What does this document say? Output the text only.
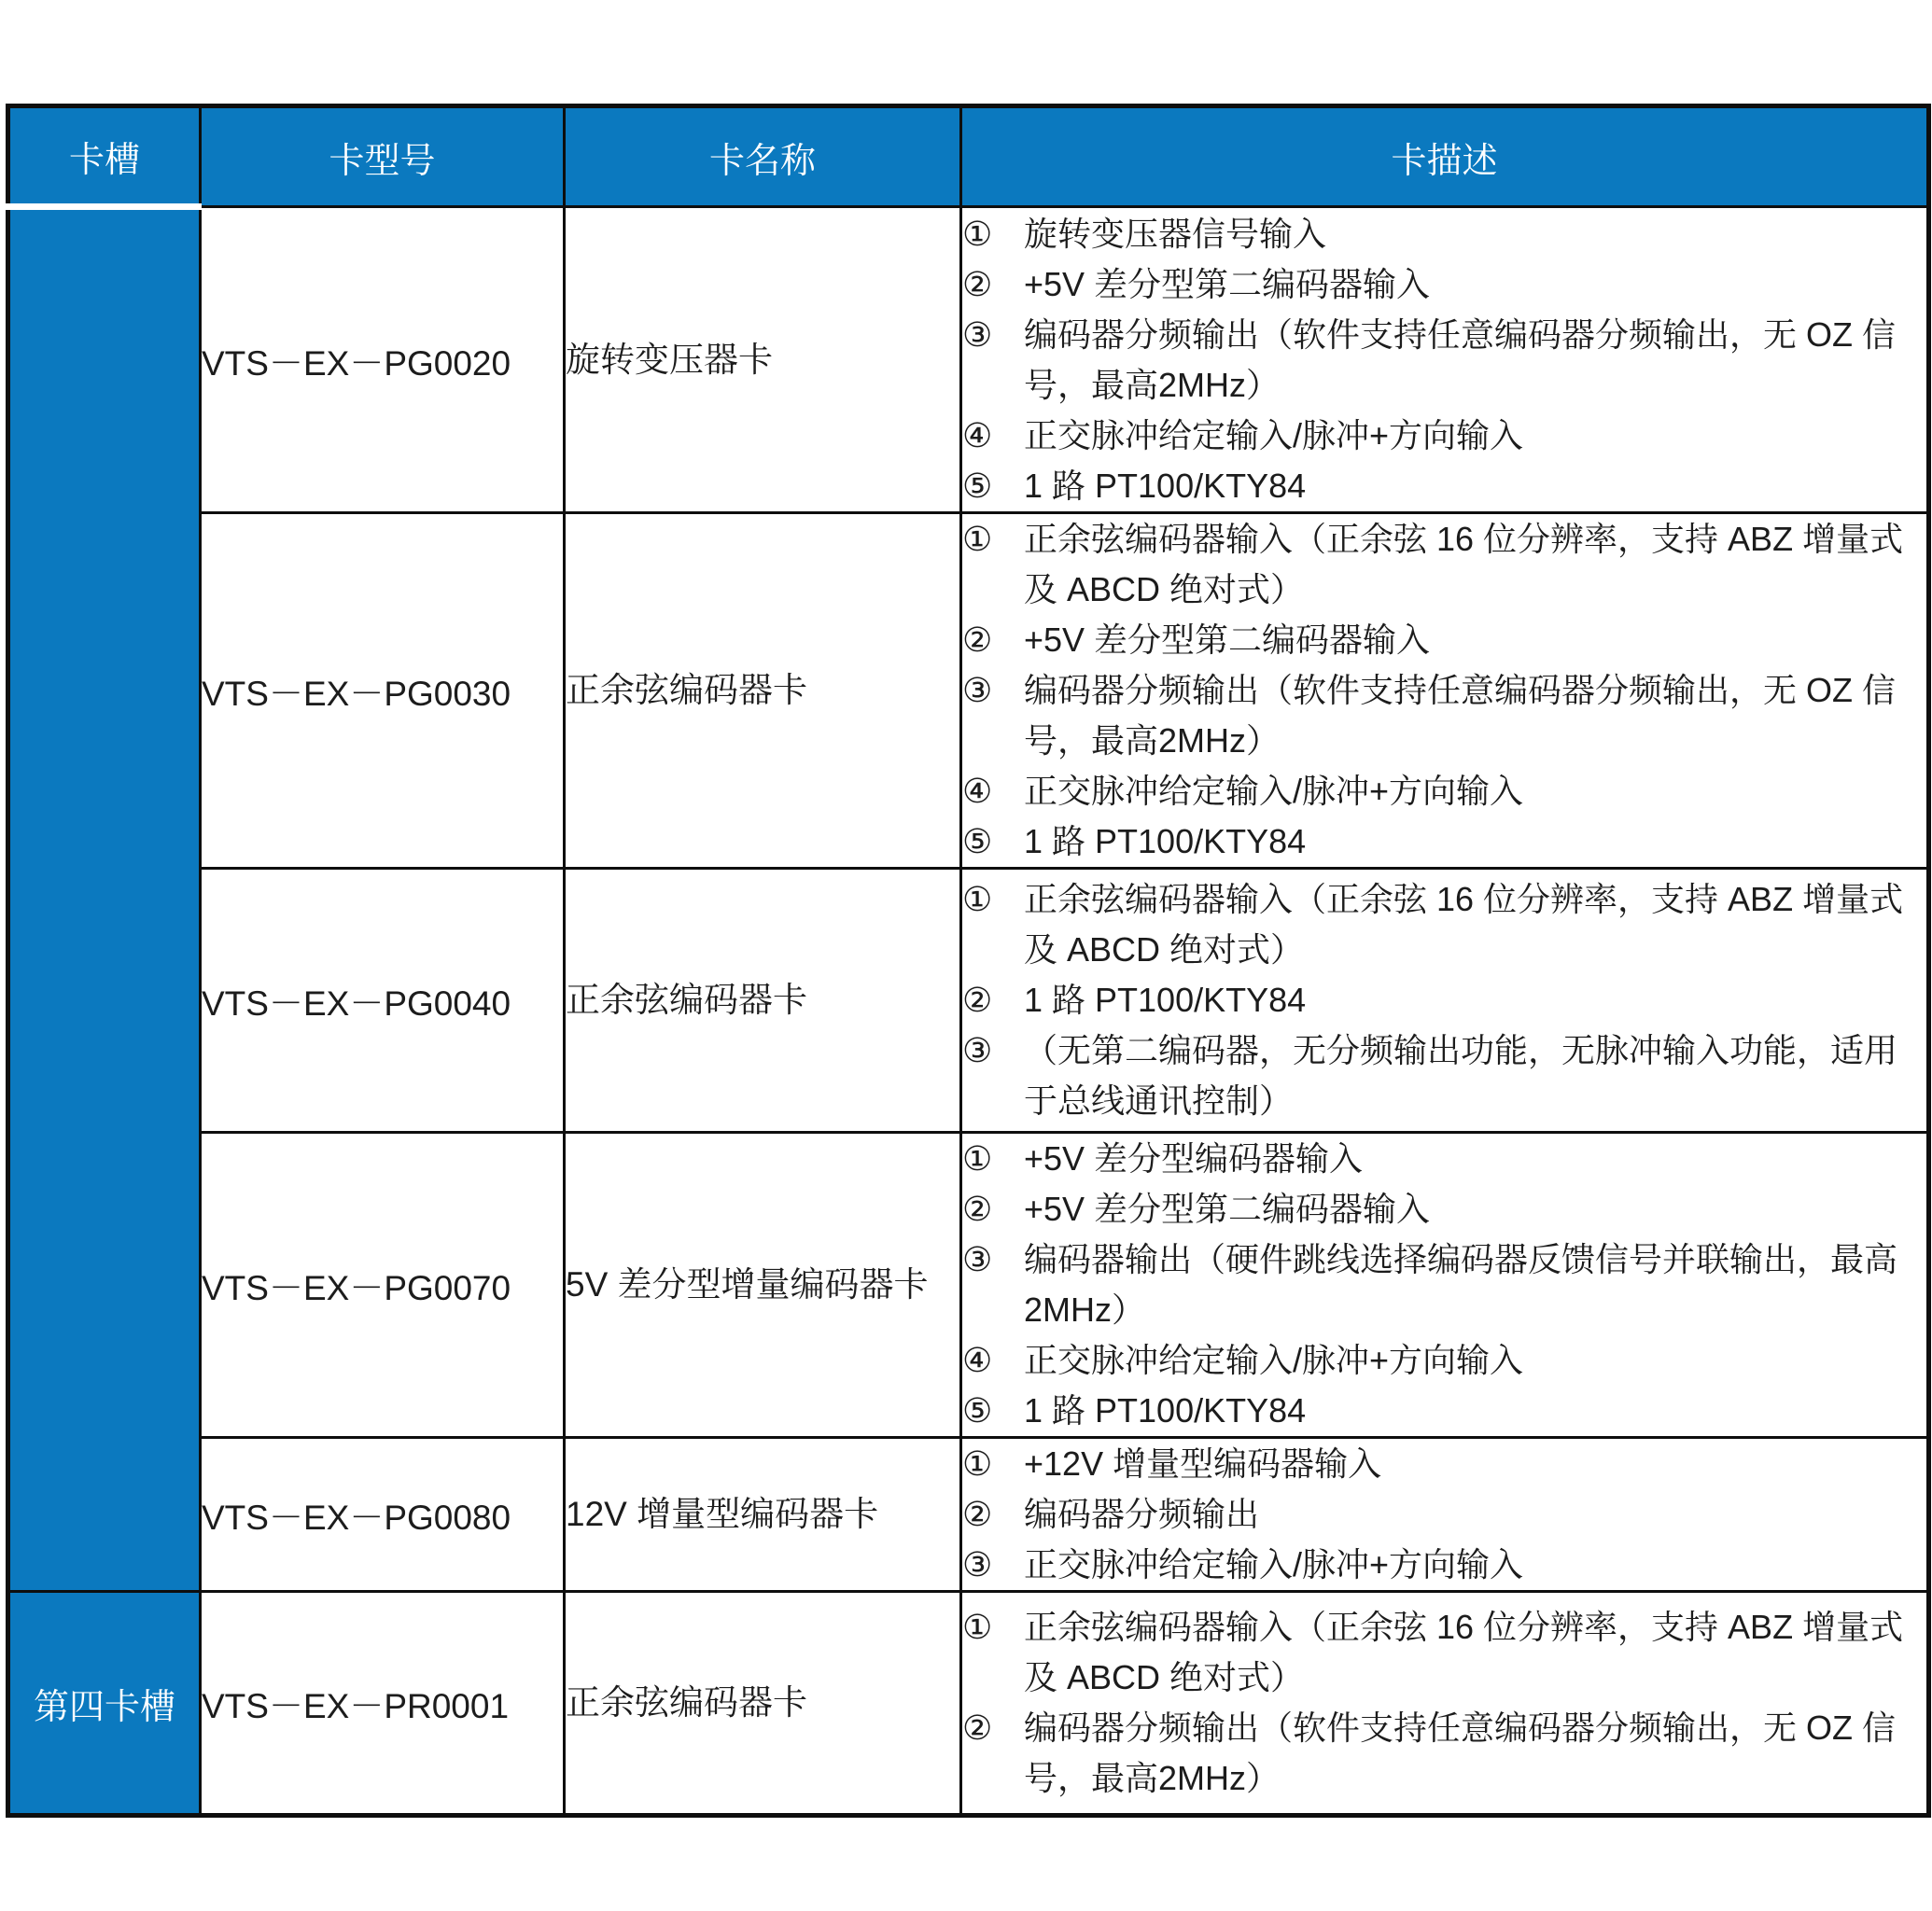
卡槽	卡型号	卡名称	卡描述
	VTS－EX－PG0020	旋转变压器卡	
① 旋转变压器信号输入
② +5V 差分型第二编码器输入
③ 编码器分频输出（软件支持任意编码器分频输出，无 OZ 信号，最高2MHz）
④ 正交脉冲给定输入/脉冲+方向输入
⑤ 1 路 PT100/KTY84

VTS－EX－PG0030	正余弦编码器卡	
① 正余弦编码器输入（正余弦 16 位分辨率，支持 ABZ 增量式及 ABCD 绝对式）
② +5V 差分型第二编码器输入
③ 编码器分频输出（软件支持任意编码器分频输出，无 OZ 信号，最高2MHz）
④ 正交脉冲给定输入/脉冲+方向输入
⑤ 1 路 PT100/KTY84

VTS－EX－PG0040	正余弦编码器卡	
① 正余弦编码器输入（正余弦 16 位分辨率，支持 ABZ 增量式及 ABCD 绝对式）
② 1 路 PT100/KTY84
③ （无第二编码器，无分频输出功能，无脉冲输入功能，适用于总线通讯控制）

VTS－EX－PG0070	5V 差分型增量编码器卡	
① +5V 差分型编码器输入
② +5V 差分型第二编码器输入
③ 编码器输出（硬件跳线选择编码器反馈信号并联输出，最高2MHz）
④ 正交脉冲给定输入/脉冲+方向输入
⑤ 1 路 PT100/KTY84

VTS－EX－PG0080	12V 增量型编码器卡	
① +12V 增量型编码器输入
② 编码器分频输出
③ 正交脉冲给定输入/脉冲+方向输入

第四卡槽	VTS－EX－PR0001	正余弦编码器卡	① 正余弦编码器输入（正余弦 16 位分辨率，支持 ABZ 增量式及 ABCD 绝对式）
② 编码器分频输出（软件支持任意编码器分频输出，无 OZ 信号，最高2MHz）
